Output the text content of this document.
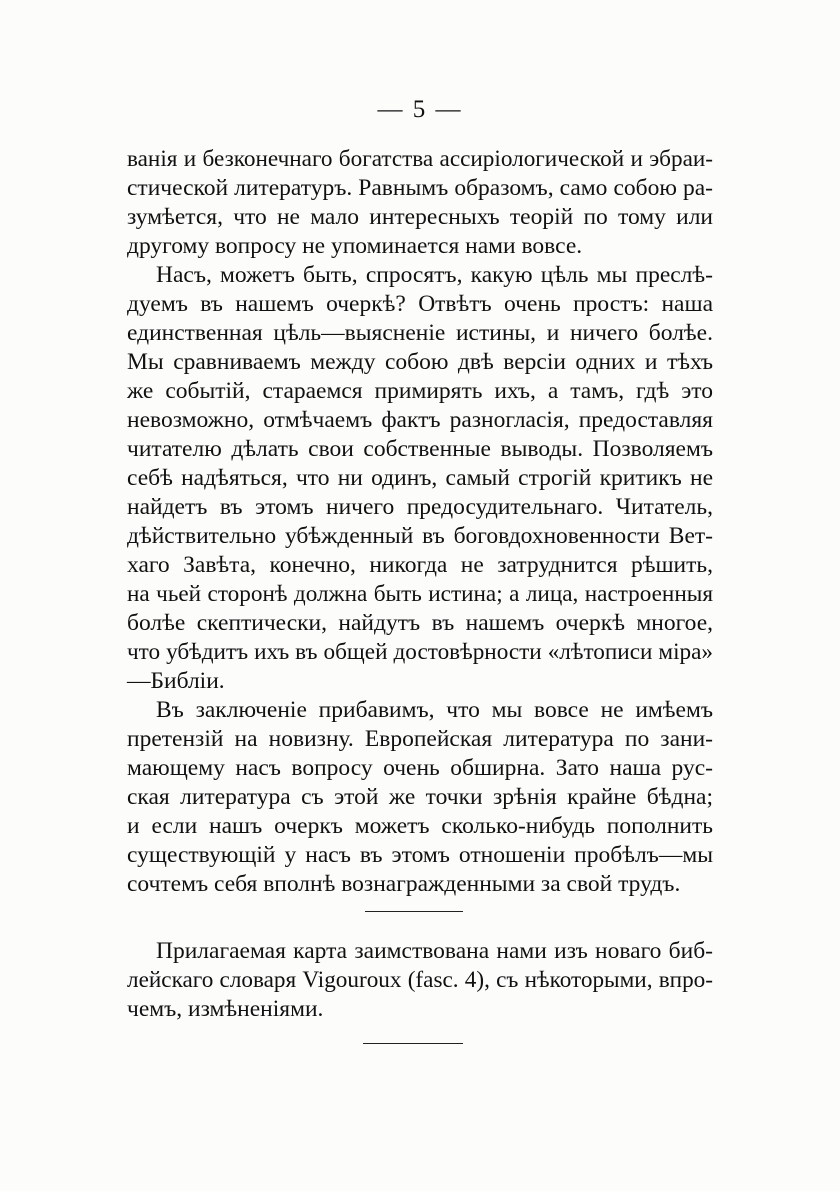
— 5 —
ванія и безконечнаго богатства ассиріологической и эбраи-
стической литературъ. Равнымъ образомъ, само собою ра-
зумѣется, что не мало интересныхъ теорій по тому или
другому вопросу не упоминается нами вовсе.
Насъ, можетъ быть, спросятъ, какую цѣль мы прeслѣ-
дуемъ въ нашемъ очеркѣ? Отвѣтъ очень простъ: наша
единственная цѣль—выясненіе истины, и ничего болѣе.
Мы сравниваемъ между собою двѣ версіи одних и тѣхъ
же событій, стараемся примирять ихъ, а тамъ, гдѣ это
невозможно, отмѣчаемъ фактъ разногласія, предоставляя
читателю дѣлать свои собственные выводы. Позволяемъ
себѣ надѣяться, что ни одинъ, самый строгій критикъ не
найдетъ въ этомъ ничего предосудительнаго. Читатель,
дѣйствительно убѣжденный въ боговдохновенности Вет-
хаго Завѣта, конечно, никогда не затруднится рѣшить,
на чьей сторонѣ должна быть истина; а лица, настроенныя
болѣе скептически, найдутъ въ нашемъ очеркѣ многое,
что убѣдитъ ихъ въ общей достовѣрности «лѣтописи міра»
—Библіи.
Въ заключеніе прибавимъ, что мы вовсе не имѣемъ
претензій на новизну. Европейская литература по зани-
мающему насъ вопросу очень обширна. Зато наша рус-
ская литература съ этой же точки зрѣнія крайне бѣдна;
и если нашъ очеркъ можетъ сколько-нибудь пополнить
существующій у насъ въ этомъ отношеніи пробѣлъ—мы
сочтемъ себя вполнѣ вознагражденными за свой трудъ.
Прилагаемая карта заимствована нами изъ новаго биб-
лейскаго словаря Vigouroux (fasc. 4), съ нѣкоторыми, впро-
чемъ, измѣненіями.
